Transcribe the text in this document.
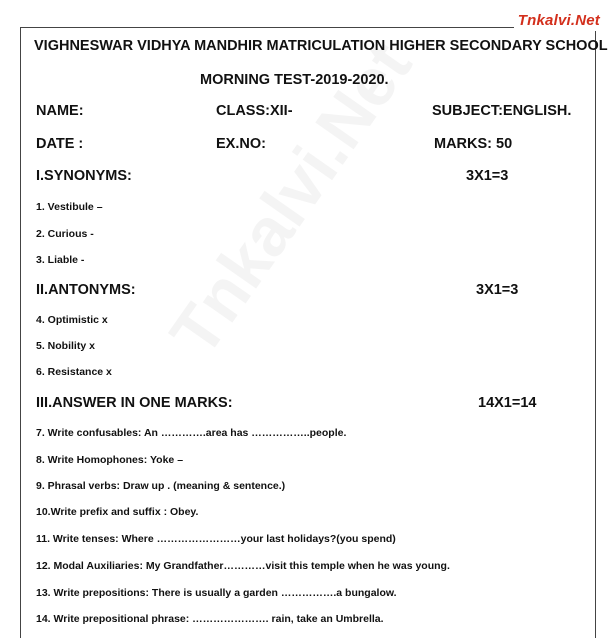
Tnkalvi.Net
VIGHNESWAR VIDHYA MANDHIR MATRICULATION HIGHER SECONDARY SCHOOL
MORNING TEST-2019-2020.
NAME:	CLASS:XII-	SUBJECT:ENGLISH.
DATE :	EX.NO:	MARKS: 50
I.SYNONYMS:	3X1=3
1. Vestibule –
2. Curious -
3. Liable -
II.ANTONYMS:	3X1=3
4. Optimistic x
5. Nobility x
6. Resistance x
III.ANSWER IN ONE MARKS:	14X1=14
7. Write confusables: An ………….area has ……………..people.
8. Write Homophones: Yoke –
9. Phrasal verbs: Draw up . (meaning & sentence.)
10.Write prefix and suffix : Obey.
11. Write tenses: Where ……………………your last holidays?(you spend)
12. Modal Auxiliaries: My Grandfather…………visit this temple when he was young.
13. Write prepositions: There is usually a garden …………….a bungalow.
14. Write prepositional phrase: …………………. rain, take an Umbrella.
